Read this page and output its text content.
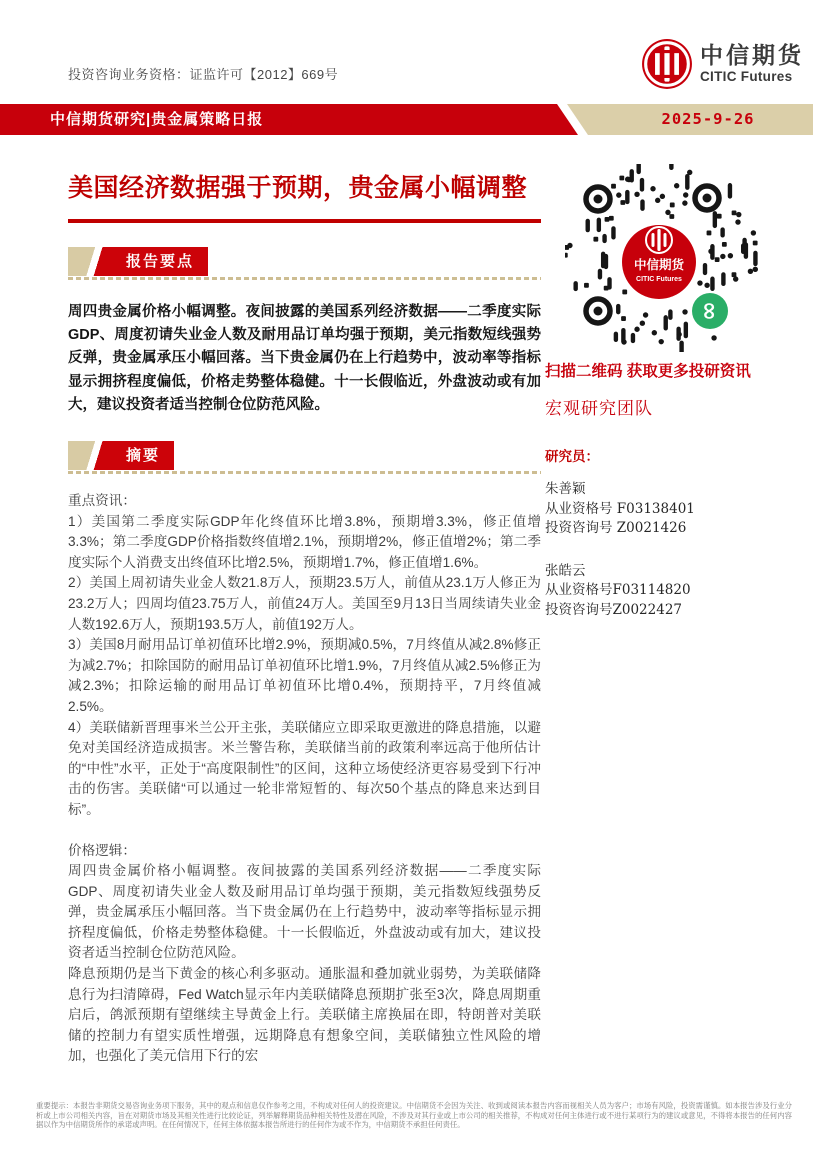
投资咨询业务资格：证监许可【2012】669号
中信期货
CITIC Futures
中信期货研究|贵金属策略日报	2025-9-26
美国经济数据强于预期，贵金属小幅调整
报告要点

周四贵金属价格小幅调整。夜间披露的美国系列经济数据——二季度实际GDP、周度初请失业金人数及耐用品订单均强于预期，美元指数短线强势反弹，贵金属承压小幅回落。当下贵金属仍在上行趋势中，波动率等指标显示拥挤程度偏低，价格走势整体稳健。十一长假临近，外盘波动或有加大，建议投资者适当控制仓位防范风险。

摘要

重点资讯：

1）美国第二季度实际GDP年化终值环比增3.8%，预期增3.3%，修正值增3.3%；第二季度GDP价格指数终值增2.1%，预期增2%，修正值增2%；第二季度实际个人消费支出终值环比增2.5%，预期增1.7%，修正值增1.6%。

2）美国上周初请失业金人数21.8万人，预期23.5万人，前值从23.1万人修正为23.2万人；四周均值23.75万人，前值24万人。美国至9月13日当周续请失业金人数192.6万人，预期193.5万人，前值192万人。

3）美国8月耐用品订单初值环比增2.9%，预期减0.5%，7月终值从减2.8%修正为减2.7%；扣除国防的耐用品订单初值环比增1.9%，7月终值从减2.5%修正为减2.3%；扣除运输的耐用品订单初值环比增0.4%，预期持平，7月终值减2.5%。

4）美联储新晋理事米兰公开主张，美联储应立即采取更激进的降息措施，以避免对美国经济造成损害。米兰警告称，美联储当前的政策利率远高于他所估计的“中性”水平，正处于“高度限制性”的区间，这种立场使经济更容易受到下行冲击的伤害。美联储“可以通过一轮非常短暂的、每次50个基点的降息来达到目标”。

价格逻辑：

周四贵金属价格小幅调整。夜间披露的美国系列经济数据——二季度实际GDP、周度初请失业金人数及耐用品订单均强于预期，美元指数短线强势反弹，贵金属承压小幅回落。当下贵金属仍在上行趋势中，波动率等指标显示拥挤程度偏低，价格走势整体稳健。十一长假临近，外盘波动或有加大，建议投资者适当控制仓位防范风险。

降息预期仍是当下黄金的核心利多驱动。通胀温和叠加就业弱势，为美联储降息行为扫清障碍，Fed Watch显示年内美联储降息预期扩张至3次，降息周期重启后，鸽派预期有望继续主导黄金上行。美联储主席换届在即，特朗普对美联储的控制力有望实质性增强，远期降息有想象空间，美联储独立性风险的增加，也强化了美元信用下行的宏

中信期货
CITIC Futures
∞
扫描二维码 获取更多投研资讯
宏观研究团队
研究员：
朱善颖
从业资格号 F03138401
投资咨询号 Z0021426
张皓云
从业资格号F03114820
投资咨询号Z0022427
重要提示：本报告非期货交易咨询业务项下服务，其中的观点和信息仅作参考之用，不构成对任何人的投资建议。中信期货不会因为关注、收到或阅读本报告内容而视相关人员为客户；市场有风险，投资需谨慎。如本报告涉及行业分析或上市公司相关内容，旨在对期货市场及其相关性进行比较论证，列举解释期货品种相关特性及潜在风险，不涉及对其行业或上市公司的相关推荐，不构成对任何主体进行或不进行某项行为的建议或意见，不得将本报告的任何内容据以作为中信期货所作的承诺或声明。在任何情况下，任何主体依据本报告所进行的任何作为或不作为，中信期货不承担任何责任。
